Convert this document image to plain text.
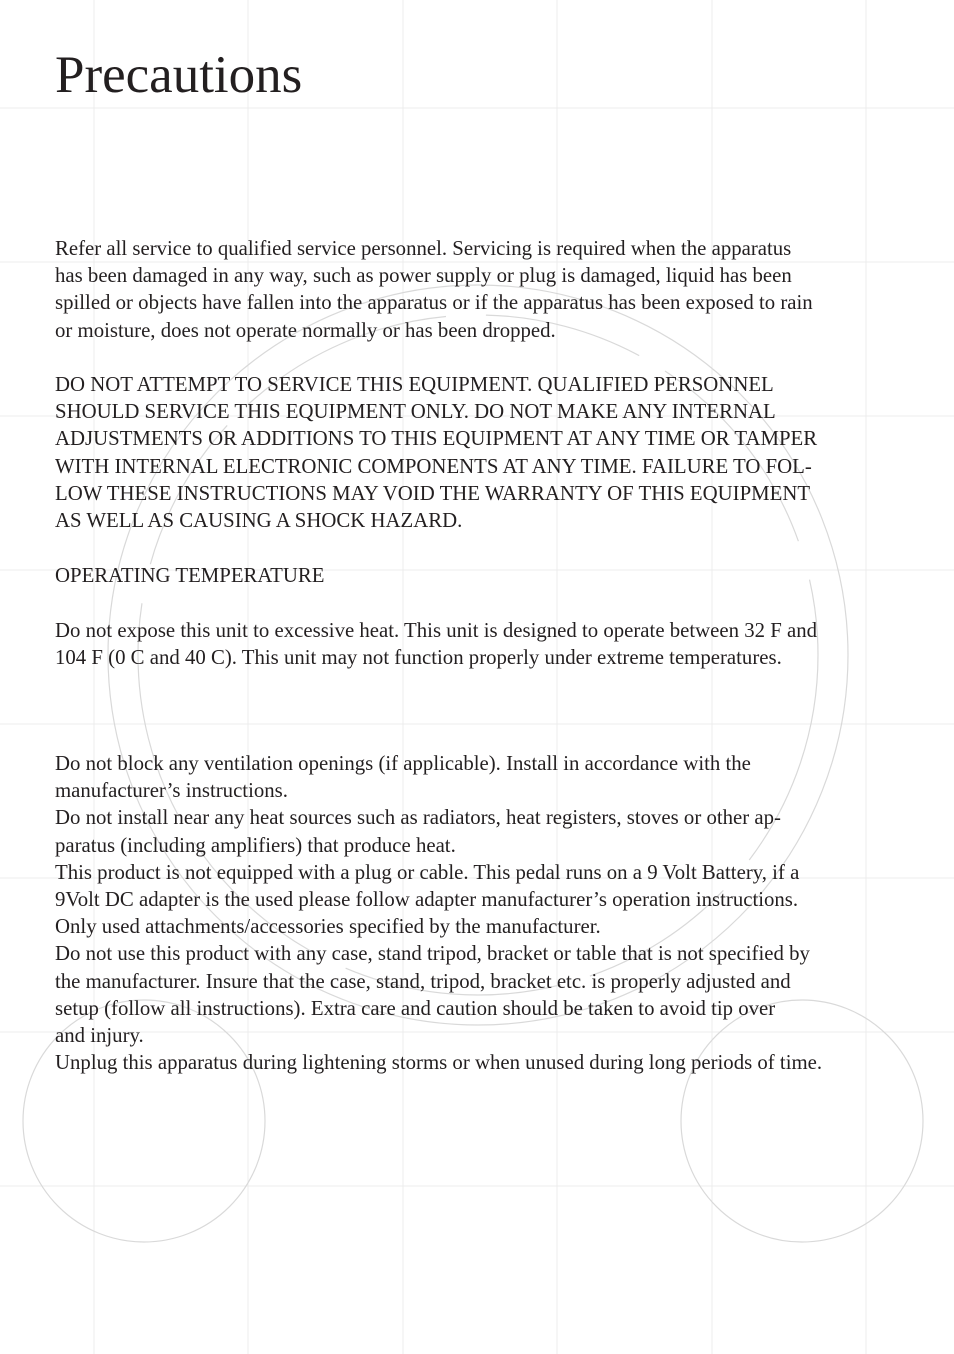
Precautions

Refer all service to qualified service personnel. Servicing is required when the apparatus
has been damaged in any way, such as power supply or plug is damaged, liquid has been
spilled or objects have fallen into the apparatus or if the apparatus has been exposed to rain
or moisture, does not operate normally or has been dropped.

DO NOT ATTEMPT TO SERVICE THIS EQUIPMENT. QUALIFIED PERSONNEL
SHOULD SERVICE THIS EQUIPMENT ONLY. DO NOT MAKE ANY INTERNAL
ADJUSTMENTS OR ADDITIONS TO THIS EQUIPMENT AT ANY TIME OR TAMPER
WITH INTERNAL ELECTRONIC COMPONENTS AT ANY TIME. FAILURE TO FOL-
LOW THESE INSTRUCTIONS MAY VOID THE WARRANTY OF THIS EQUIPMENT
AS WELL AS CAUSING A SHOCK HAZARD.

OPERATING TEMPERATURE

Do not expose this unit to excessive heat. This unit is designed to operate between 32 F and
104 F (0 C and 40 C). This unit may not function properly under extreme temperatures.

Do not block any ventilation openings (if applicable). Install in accordance with the
manufacturer’s instructions.
Do not install near any heat sources such as radiators, heat registers, stoves or other ap-
paratus (including amplifiers) that produce heat.
This product is not equipped with a plug or cable. This pedal runs on a 9 Volt Battery, if a
9Volt DC adapter is the used please follow adapter manufacturer’s operation instructions.
Only used attachments/accessories specified by the manufacturer.
Do not use this product with any case, stand tripod, bracket or table that is not specified by
the manufacturer. Insure that the case, stand, tripod, bracket etc. is properly adjusted and
setup (follow all instructions). Extra care and caution should be taken to avoid tip over
and injury.
Unplug this apparatus during lightening storms or when unused during long periods of time.
